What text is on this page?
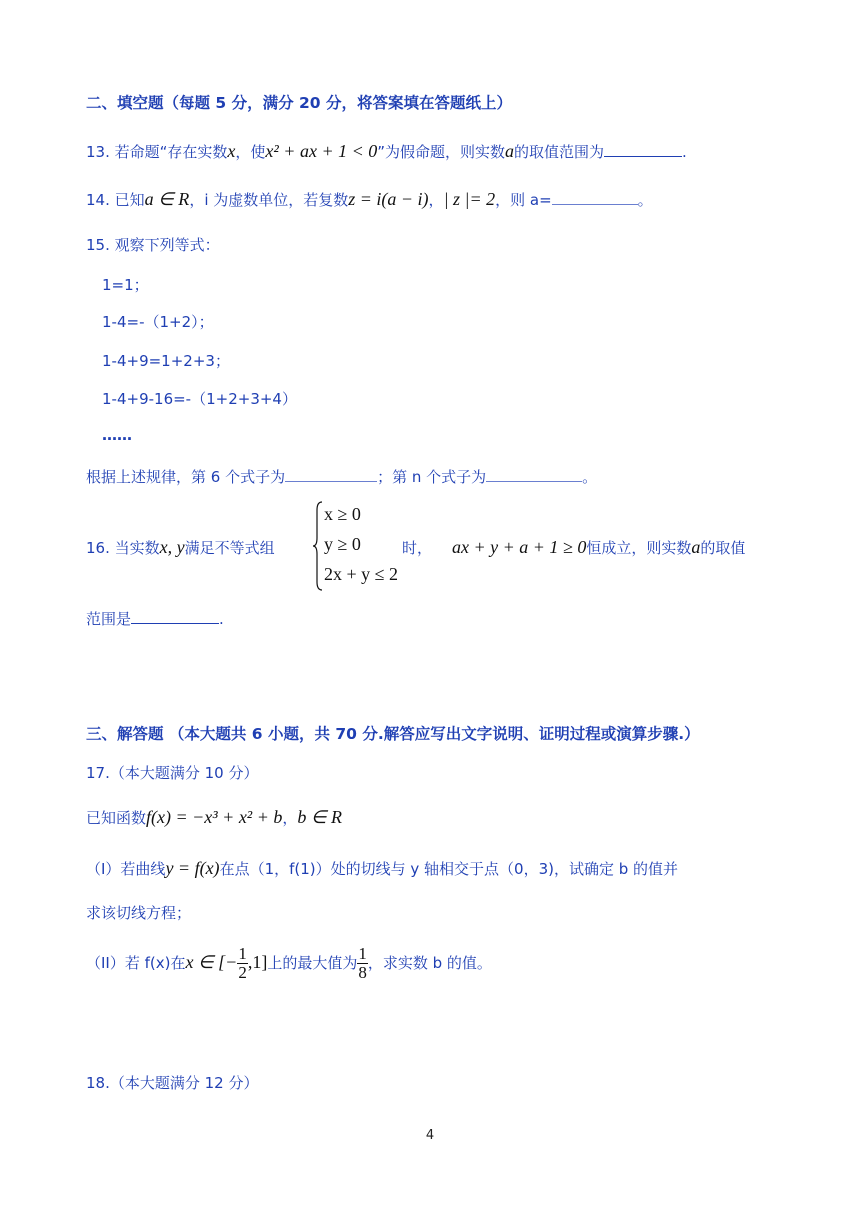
二、填空题（每题 5 分，满分 20 分，将答案填在答题纸上）
13. 若命题“存在实数x，使x² + ax + 1 < 0”为假命题，则实数a的取值范围为	.
14. 已知a ∈ R，i 为虚数单位，若复数z = i(a − i)，| z |= 2，则 a=	。
15. 观察下列等式：
1=1；
1-4=-（1+2）；
1-4+9=1+2+3；
1-4+9-16=-（1+2+3+4）
……
根据上述规律，第 6 个式子为	；第 n 个式子为	。
16. 当实数x, y满足不等式组
x ≥ 0
y ≥ 0
2x + y ≤ 2
时， ax + y + a + 1 ≥ 0恒成立，则实数a的取值
范围是	.
三、解答题 （本大题共 6 小题，共 70 分.解答应写出文字说明、证明过程或演算步骤.）
17.（本大题满分 10 分）
已知函数f(x) = −x³ + x² + b，b ∈ R
（I）若曲线y = f(x)在点（1，f(1)）处的切线与 y 轴相交于点（0，3)，试确定 b 的值并
求该切线方程；
（II）若 f(x)在x ∈ [− $\frac{1}{2} ,1$]上的最大值为 $\frac{1}{8}$ ，求实数 b 的值。
18.（本大题满分 12 分）
4
